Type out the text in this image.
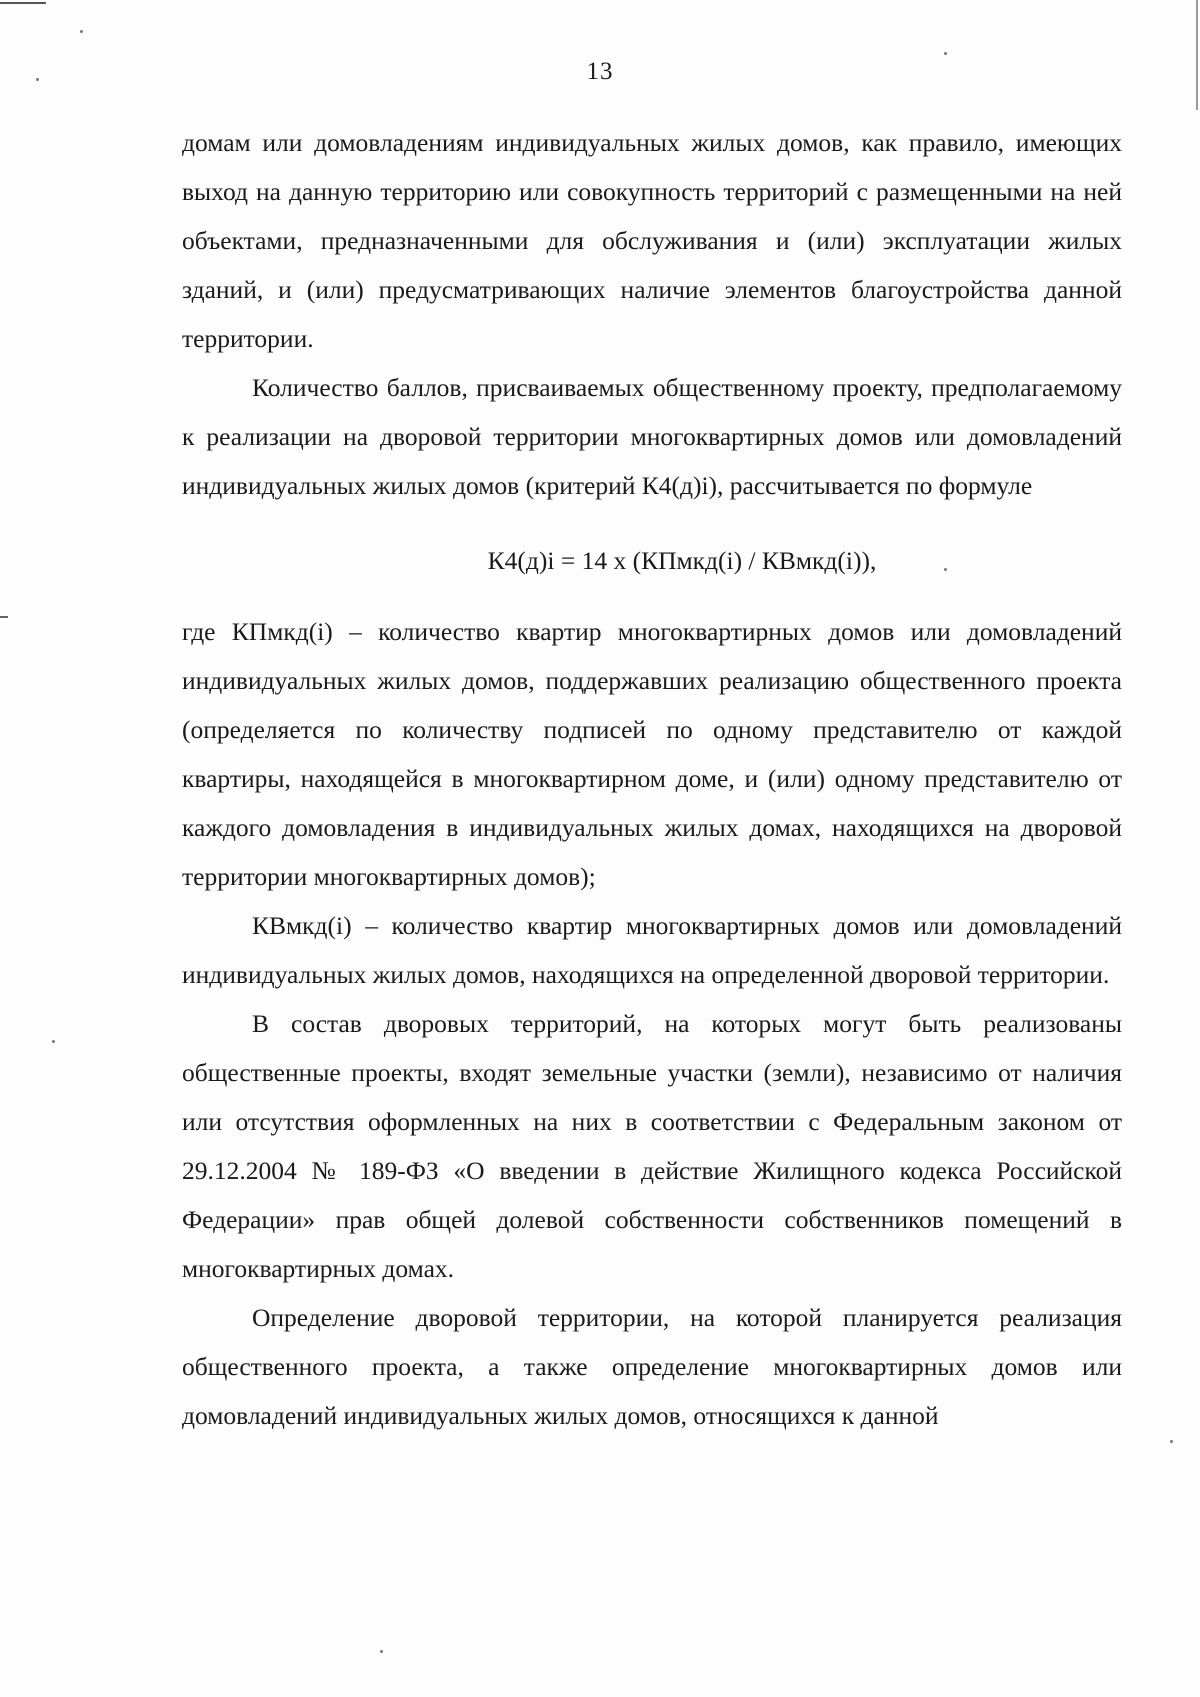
13

домам или домовладениям индивидуальных жилых домов, как правило, имеющих выход на данную территорию или совокупность территорий с размещенными на ней объектами, предназначенными для обслуживания и (или) эксплуатации жилых зданий, и (или) предусматривающих наличие элементов благоустройства данной территории.

Количество баллов, присваиваемых общественному проекту, предполагаемому к реализации на дворовой территории многоквартирных домов или домовладений индивидуальных жилых домов (критерий К4(д)i), рассчитывается по формуле

К4(д)i = 14 x (КПмкд(i) / КВмкд(i)),

где КПмкд(i) – количество квартир многоквартирных домов или домовладений индивидуальных жилых домов, поддержавших реализацию общественного проекта (определяется по количеству подписей по одному представителю от каждой квартиры, находящейся в многоквартирном доме, и (или) одному представителю от каждого домовладения в индивидуальных жилых домах, находящихся на дворовой территории многоквартирных домов);

КВмкд(i) – количество квартир многоквартирных домов или домовладений индивидуальных жилых домов, находящихся на определенной дворовой территории.

В состав дворовых территорий, на которых могут быть реализованы общественные проекты, входят земельные участки (земли), независимо от наличия или отсутствия оформленных на них в соответствии с Федеральным законом от 29.12.2004 № 189-ФЗ «О введении в действие Жилищного кодекса Российской Федерации» прав общей долевой собственности собственников помещений в многоквартирных домах.

Определение дворовой территории, на которой планируется реализация общественного проекта, а также определение многоквартирных домов или домовладений индивидуальных жилых домов, относящихся к данной
